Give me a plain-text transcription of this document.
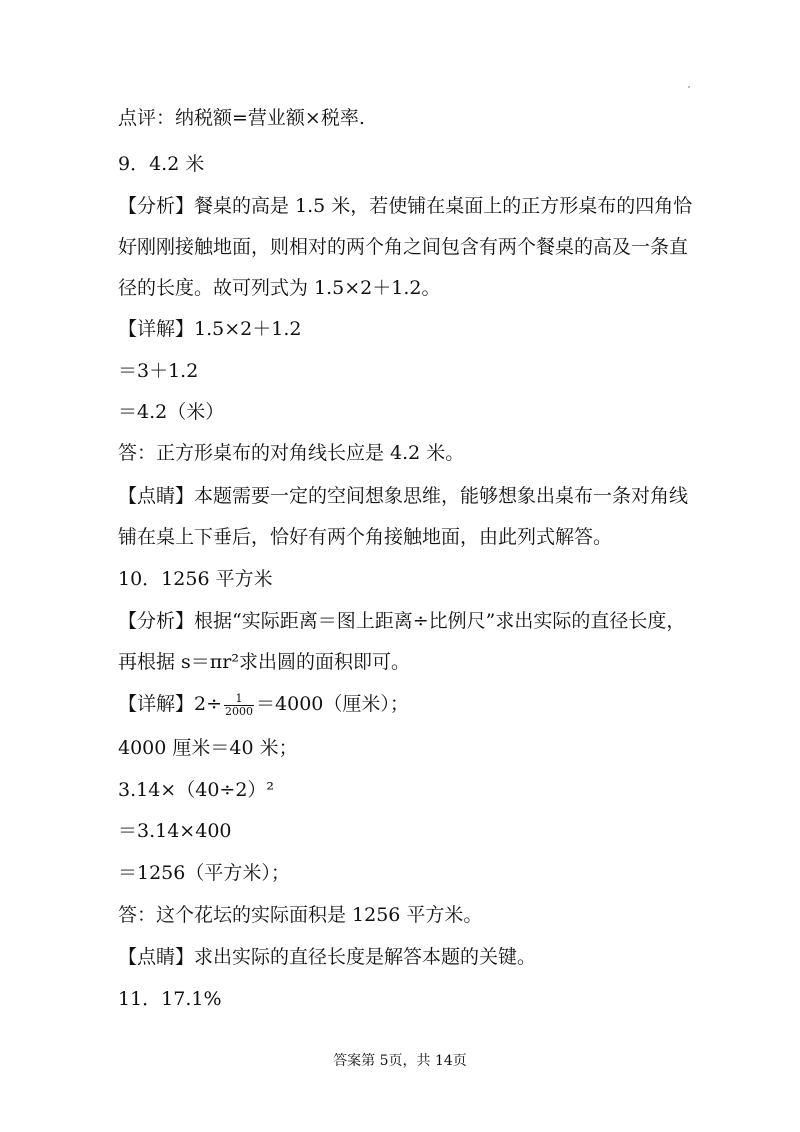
点评：纳税额=营业额×税率.
9．4.2 米
【分析】餐桌的高是 1.5 米，若使铺在桌面上的正方形桌布的四角恰
好刚刚接触地面，则相对的两个角之间包含有两个餐桌的高及一条直
径的长度。故可列式为 1.5×2＋1.2。
【详解】1.5×2＋1.2
＝3＋1.2
＝4.2（米）
答：正方形桌布的对角线长应是 4.2 米。
【点睛】本题需要一定的空间想象思维，能够想象出桌布一条对角线
铺在桌上下垂后，恰好有两个角接触地面，由此列式解答。
10．1256 平方米
【分析】根据“实际距离＝图上距离÷比例尺”求出实际的直径长度，
再根据 s＝πr²求出圆的面积即可。
【详解】$2\div \frac{1}{2000} =4000$（厘米）；
4000 厘米＝40 米；
3.14×（40÷2）²
＝3.14×400
＝1256（平方米）；
答：这个花坛的实际面积是 1256 平方米。
【点睛】求出实际的直径长度是解答本题的关键。
11．17.1%
答案第 5页，共 14页
